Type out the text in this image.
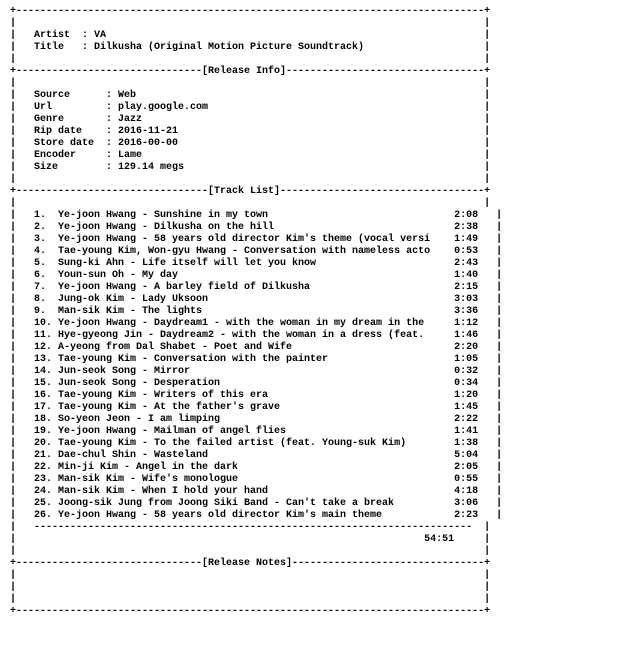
+------------------------------------------------------------------------------+
|                                                                              |
|   Artist  : VA                                                               |
|   Title   : Dilkusha (Original Motion Picture Soundtrack)                    |
|                                                                              |
+-------------------------------[Release Info]---------------------------------+
|                                                                              |
|   Source      : Web                                                          |
|   Url         : play.google.com                                              |
|   Genre       : Jazz                                                         |
|   Rip date    : 2016-11-21                                                   |
|   Store date  : 2016-00-00                                                   |
|   Encoder     : Lame                                                         |
|   Size        : 129.14 megs                                                  |
|                                                                              |
+--------------------------------[Track List]----------------------------------+
|                                                                              |
|   1.  Ye-joon Hwang - Sunshine in my town                               2:08   |
|   2.  Ye-joon Hwang - Dilkusha on the hill                              2:38   |
|   3.  Ye-joon Hwang - 58 years old director Kim's theme (vocal versi    1:49   |
|   4.  Tae-young Kim, Won-gyu Hwang - Conversation with nameless acto    0:53   |
|   5.  Sung-ki Ahn - Life itself will let you know                       2:43   |
|   6.  Youn-sun Oh - My day                                              1:40   |
|   7.  Ye-joon Hwang - A barley field of Dilkusha                        2:15   |
|   8.  Jung-ok Kim - Lady Uksoon                                         3:03   |
|   9.  Man-sik Kim - The lights                                          3:36   |
|   10. Ye-joon Hwang - Daydream1 - with the woman in my dream in the     1:12   |
|   11. Hye-gyeong Jin - Daydream2 - with the woman in a dress (feat.     1:46   |
|   12. A-yeong from Dal Shabet - Poet and Wife                           2:20   |
|   13. Tae-young Kim - Conversation with the painter                     1:05   |
|   14. Jun-seok Song - Mirror                                            0:32   |
|   15. Jun-seok Song - Desperation                                       0:34   |
|   16. Tae-young Kim - Writers of this era                               1:20   |
|   17. Tae-young Kim - At the father's grave                             1:45   |
|   18. So-yeon Jeon - I am limping                                       2:22   |
|   19. Ye-joon Hwang - Mailman of angel flies                            1:41   |
|   20. Tae-young Kim - To the failed artist (feat. Young-suk Kim)        1:38   |
|   21. Dae-chul Shin - Wasteland                                         5:04   |
|   22. Min-ji Kim - Angel in the dark                                    2:05   |
|   23. Man-sik Kim - Wife's monologue                                    0:55   |
|   24. Man-sik Kim - When I hold your hand                               4:18   |
|   25. Joong-sik Jung from Joong Siki Band - Can't take a break          3:06   |
|   26. Ye-joon Hwang - 58 years old director Kim's main theme            2:23   |
|   -------------------------------------------------------------------------  |
|                                                                    54:51     |
|                                                                              |
+-------------------------------[Release Notes]--------------------------------+
|                                                                              |
|                                                                              |
|                                                                              |
+------------------------------------------------------------------------------+
